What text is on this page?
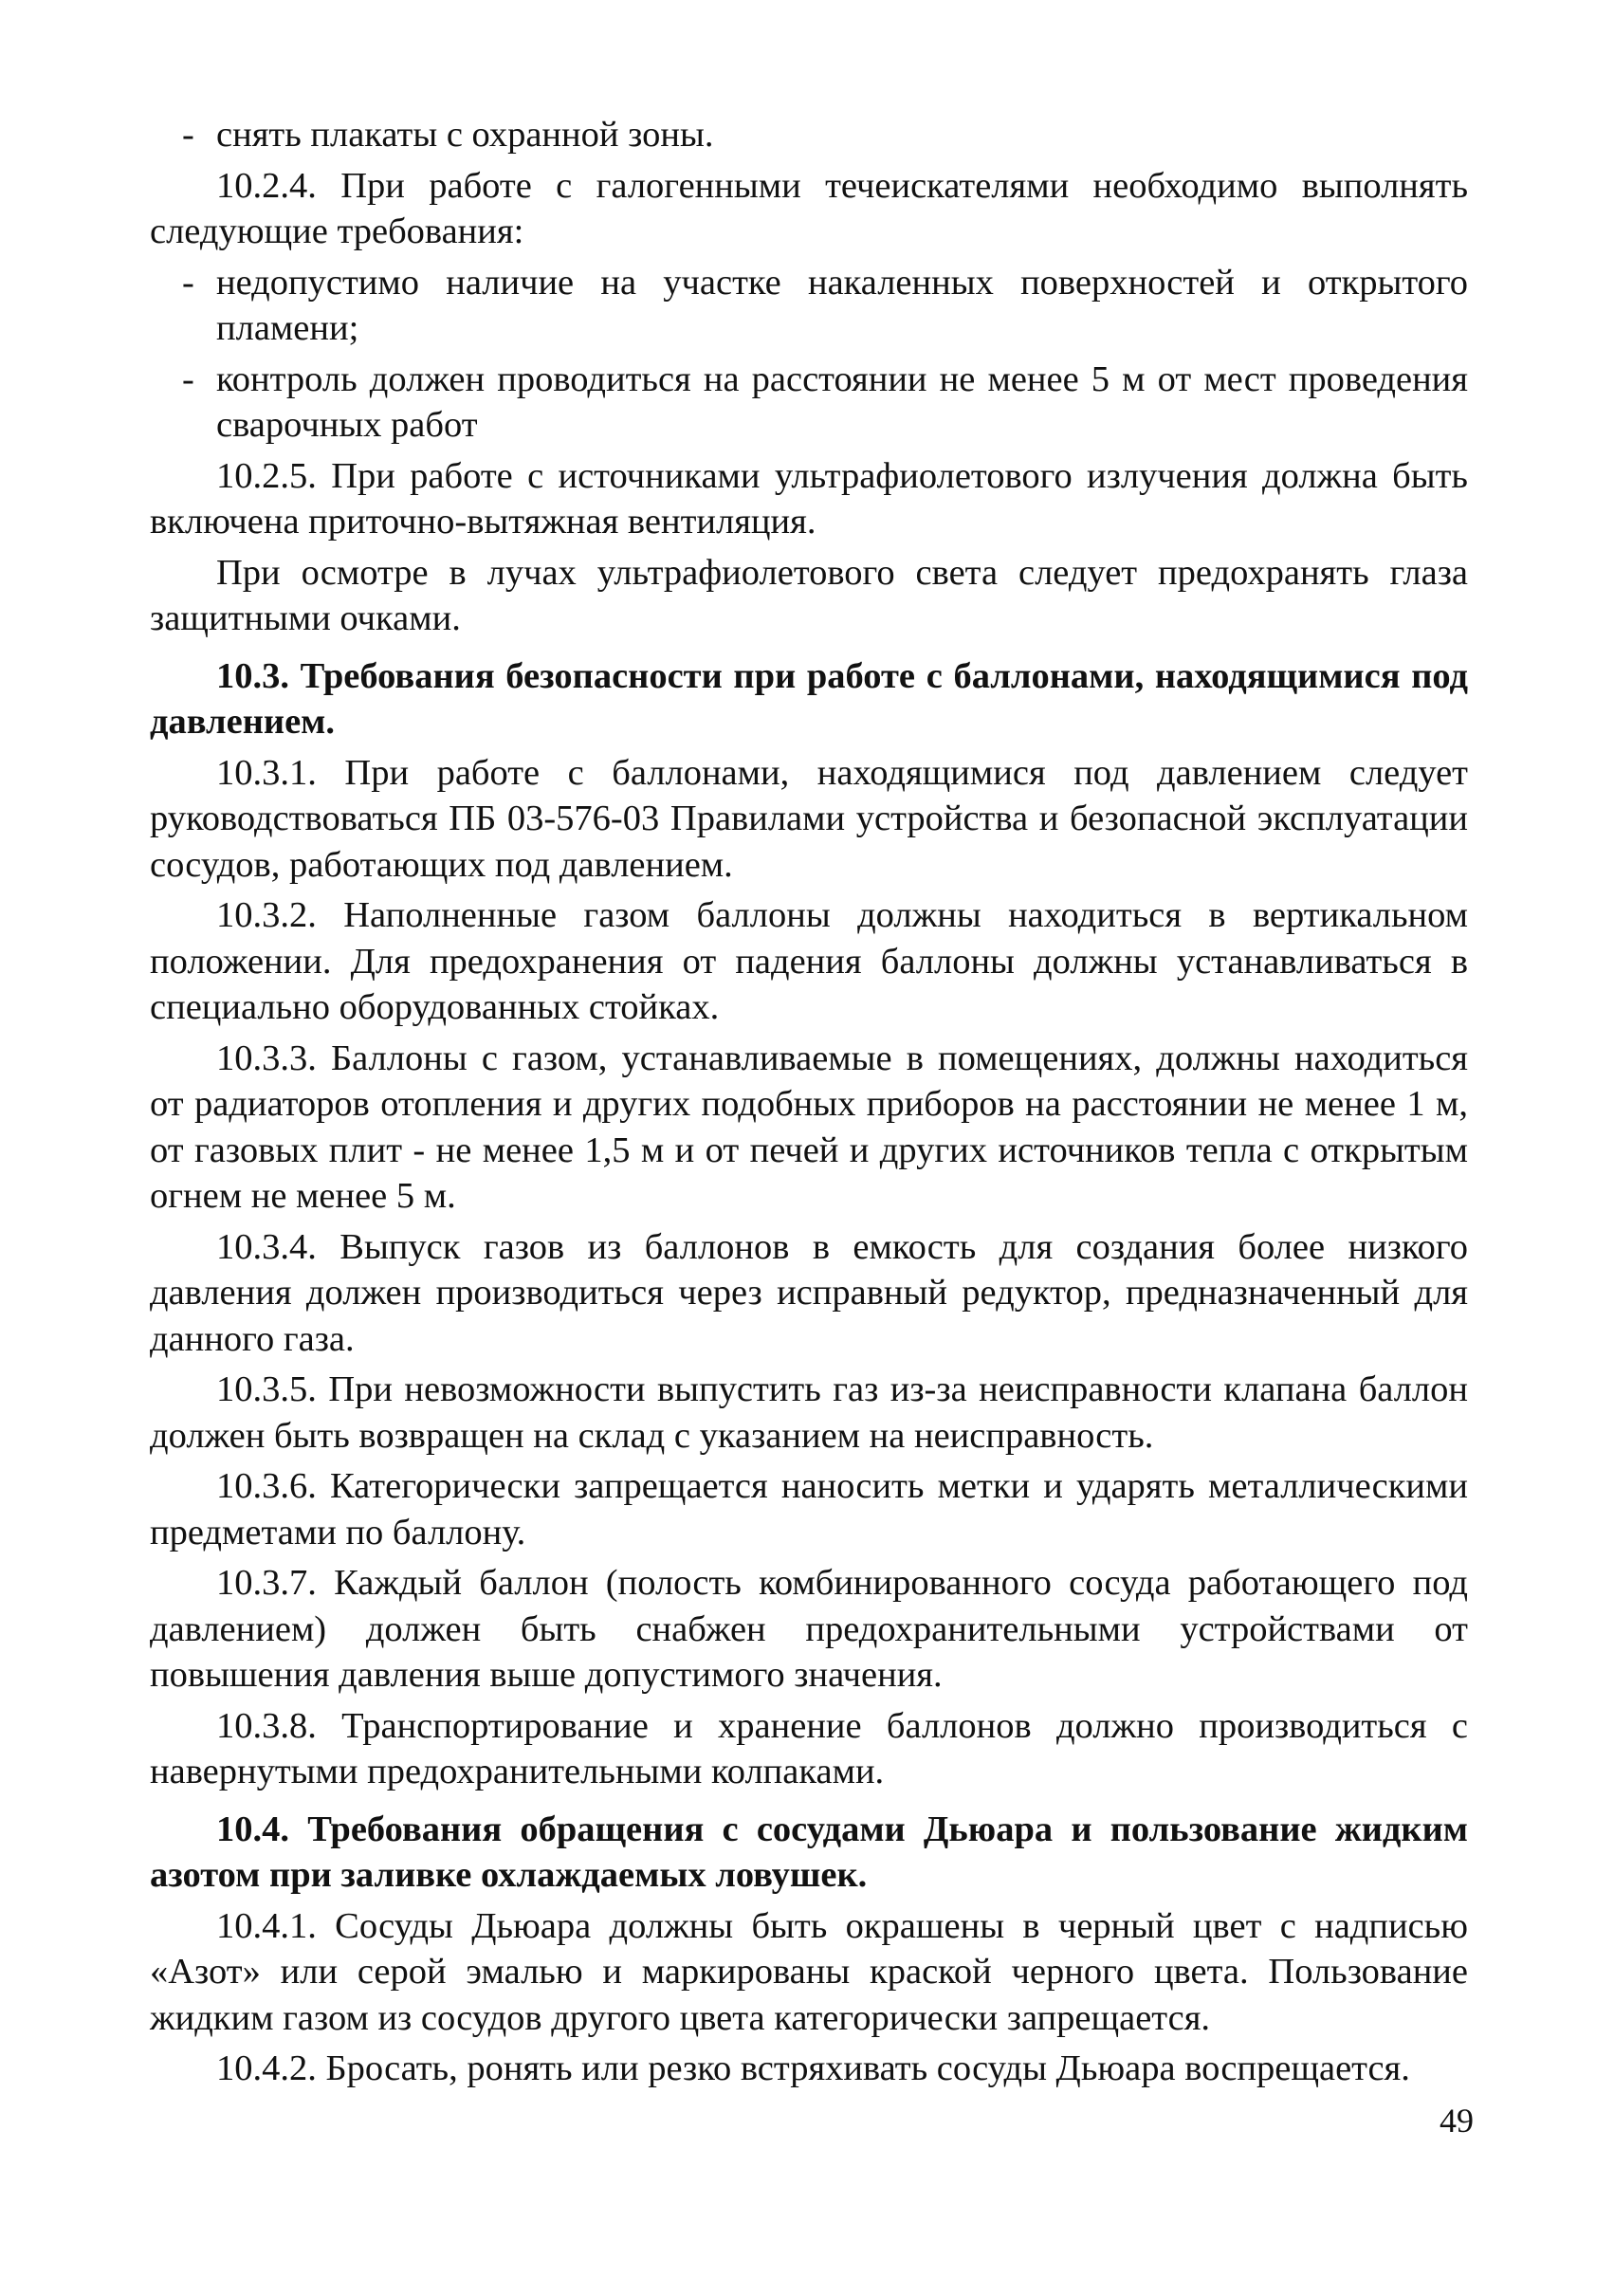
- снять плакаты с охранной зоны.

10.2.4. При работе с галогенными течеискателями необходимо выполнять следующие требования:

- недопустимо наличие на участке накаленных поверхностей и открытого пламени;

- контроль должен проводиться на расстоянии не менее 5 м от мест проведения сварочных работ

10.2.5. При работе с источниками ультрафиолетового излучения должна быть включена приточно-вытяжная вентиляция.

При осмотре в лучах ультрафиолетового света следует предохранять глаза защитными очками.

10.3. Требования безопасности при работе с баллонами, находящимися под давлением.

10.3.1. При работе с баллонами, находящимися под давлением следует руководствоваться ПБ 03-576-03 Правилами устройства и безопасной эксплуатации сосудов, работающих под давлением.

10.3.2. Наполненные газом баллоны должны находиться в вертикальном положении. Для предохранения от падения баллоны должны устанавливаться в специально оборудованных стойках.

10.3.3. Баллоны с газом, устанавливаемые в помещениях, должны находиться от радиаторов отопления и других подобных приборов на расстоянии не менее 1 м, от газовых плит - не менее 1,5 м и от печей и других источников тепла с открытым огнем не менее 5 м.

10.3.4. Выпуск газов из баллонов в емкость для создания более низкого давления должен производиться через исправный редуктор, предназначенный для данного газа.

10.3.5. При невозможности выпустить газ из-за неисправности клапана баллон должен быть возвращен на склад с указанием на неисправность.

10.3.6. Категорически запрещается наносить метки и ударять металлическими предметами по баллону.

10.3.7. Каждый баллон (полость комбинированного сосуда работающего под давлением) должен быть снабжен предохранительными устройствами от повышения давления выше допустимого значения.

10.3.8. Транспортирование и хранение баллонов должно производиться с навернутыми предохранительными колпаками.

10.4. Требования обращения с сосудами Дьюара и пользование жидким азотом при заливке охлаждаемых ловушек.

10.4.1. Сосуды Дьюара должны быть окрашены в черный цвет с надписью «Азот» или серой эмалью и маркированы краской черного цвета. Пользование жидким газом из сосудов другого цвета категорически запрещается.

10.4.2. Бросать, ронять или резко встряхивать сосуды Дьюара воспрещается.

49
